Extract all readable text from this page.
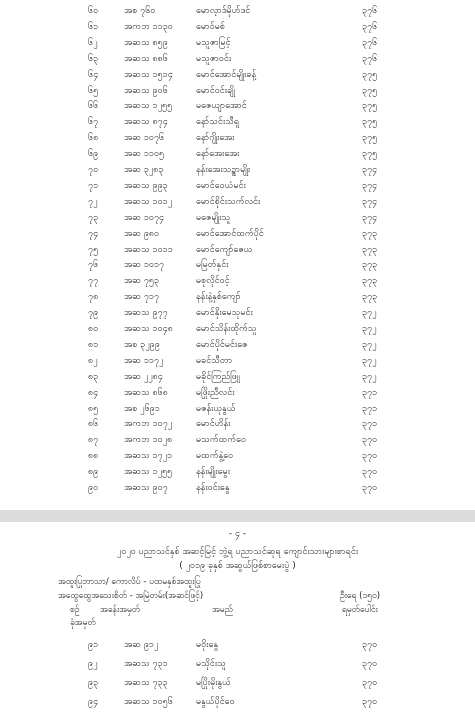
၆၀	အစ ၇၆၀	မောလ့ာဒ်မိုဟ်ဒင်	၃၇၆
၆၁	အကဘ ၁၁၃၀	မောဝ်မစ်	၃၇၆
၆၂	အဆသ ၈၅၉	မသူဇာမြင့်	၃၇၆
၆၃	အဆသ ၈၈၆	မသူဇာဝင်း	၃၇၆
၆၄	အဆသ ၁၅၁၄	မောင်အောင်မျိုးခန့်	၃၇၅
၆၅	အဆသ ၉၀၆	မောင်ဝင်းချို	၃၇၅
၆၆	အဆသ ၁၂၅၅	မဇေယျာအောင်	၃၇၅
၆၇	အဆသ ၈၇၄	နော်သင်းသီရူ	၃၇၅
၆၈	အဆ ၁၀၇၆	နော်ဂျိုးအေး	၃၇၅
၆၉	အဆ ၁၁၀၅	နော်အေးအေး	၃၇၅
၇၀	အဆ ၃၂၈၃	နန်းအေးသဥ္စာမျိုး	၃၇၄
၇၁	အဆသ ၉၉၃	မောင်ဝေယံမင်း	၃၇၄
၇၂	အဆသ ၁၀၁၂	မောင်စိုင်းသက်လင်း	၃၇၄
၇၃	အဆ ၁၀၇၄	မဇေမျိုးသူ	၃၇၄
၇၄	အဆ ၉၈၀	မောင်အောင်ထက်ပိုင်	၃၇၃
၇၅	အဆသ ၁၀၁၁	မောင်ကျော်ဇေယ	၃၇၃
၇၆	အဆ ၁၀၁၇	မမြတ်နှင်း	၃၇၃
၇၇	အဆ ၇၅၃	မစုလိုင်ဝင့်	၃၇၃
၇၈	အဆ ၇၁၇	နန်းနဲ့နှစ်ကျော်	၃၇၃
၇၉	အဆသ ၉၇၇	မောင်နိုးမေသုမင်း	၃၇၂
၈၀	အဆသ ၁၀၄၈	မောင်သိန်းထိုက်သူ	၃၇၂
၈၁	အစ ၃၂၉၉	မောင်ပိုင်မင်းဇေ	၃၇၂
၈၂	အဆ ၁၁၇၂	မခင်သီတာ	၃၇၂
၈၃	အဆ ၂၂၈၄	မခိုင်ကြည်ဖြူ	၃၇၂
၈၄	အဆသ ၈၆၈	မဖြိုးညီလင်း	၃၇၁
၈၅	အစ ၂၆၉၁	မဇန်းယုနွယ်	၃၇၁
၈၆	အကဘ ၁၀၇၂	မောင်ဟိန်း	၃၇၁
၈၇	အကဘ ၁၀၂၈	မသက်ထက်ဝေ	၃၇၀
၈၈	အဆသ ၁၇၂၁	မထက်နွဲ့ဝေ	၃၇၀
၈၉	အဆသ ၁၂၅၅	နန်းမျိုးမွေး	၃၇၀
၉၀	အဆသ ၉၀၇	နန်းဝင်းနွေ	၃၇၀
- ၄ -
၂၀၂၀ ပညာသင်နှစ် အဆင့်မြင့် ဘွဲ့ရ ပညာသင်ဆုရ ကျောင်းသားများစာရင်း
( ၂၀၁၉ ခုနှစ် အဆွယ်ဖြစ်စာမေးပွဲ )
အထူးပြုဘာသာ/ ကောလိပ် - ပထမနှစ်အထူးပြု
အထွေထွေအသေးစိတ် - အမြဲတမ်း(အဆင်ဖြင့်)	ဦးရေ (၁၅၀)
စဉ် အခန်းအမှတ်	အမည်	ရမှတ်ပေါင်း
ခုံအမှတ်
၉၁	အဆ ၉၁၂	မဝိုးနွေ	၃၇၀
၉၂	အဆသ ၇၃၁	မသိုင်းသူ	၃၇၀
၉၃	အဆသ ၇၃၃	မပြိုးမိုးနွယ်	၃၇၀
၉၄	အဆသ ၁၀၅၆	မနွယ်ပိုင်ဝေ	၃၇၀
